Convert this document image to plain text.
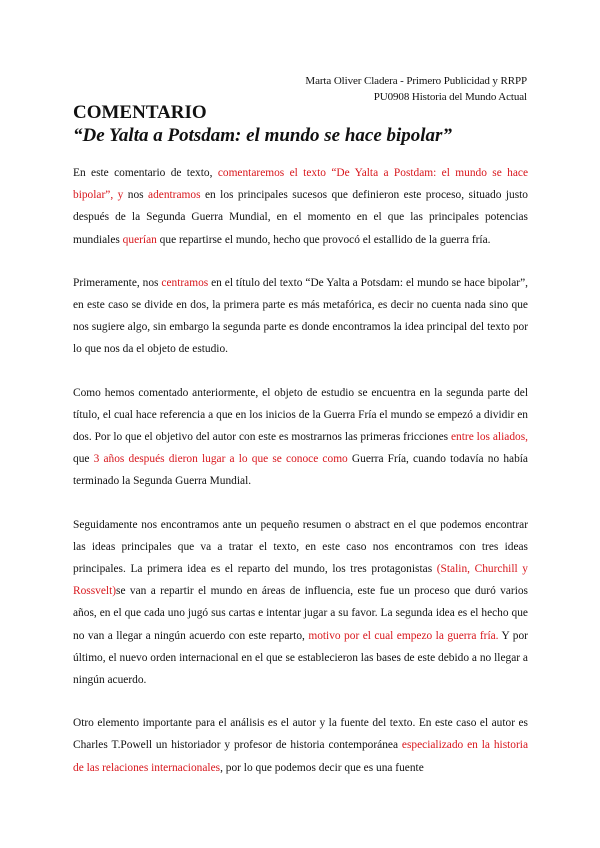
Marta Oliver Cladera - Primero Publicidad y RRPP
PU0908 Historia del Mundo Actual
COMENTARIO
“De Yalta a Potsdam: el mundo se hace bipolar”

En este comentario de texto, comentaremos el texto “De Yalta a Postdam: el mundo se hace bipolar”, y nos adentramos en los principales sucesos que definieron este proceso, situado justo después de la Segunda Guerra Mundial, en el momento en el que las principales potencias mundiales querían que repartirse el mundo, hecho que provocó el estallido de la guerra fría.

Primeramente, nos centramos en el título del texto “De Yalta a Potsdam: el mundo se hace bipolar”, en este caso se divide en dos, la primera parte es más metafórica, es decir no cuenta nada sino que nos sugiere algo, sin embargo la segunda parte es donde encontramos la idea principal del texto por lo que nos da el objeto de estudio.

Como hemos comentado anteriormente, el objeto de estudio se encuentra en la segunda parte del título, el cual hace referencia a que en los inicios de la Guerra Fría el mundo se empezó a dividir en dos. Por lo que el objetivo del autor con este es mostrarnos las primeras fricciones entre los aliados, que 3 años después dieron lugar a lo que se conoce como Guerra Fría, cuando todavía no había terminado la Segunda Guerra Mundial.

Seguidamente nos encontramos ante un pequeño resumen o abstract en el que podemos encontrar las ideas principales que va a tratar el texto, en este caso nos encontramos con tres ideas principales. La primera idea es el reparto del mundo, los tres protagonistas (Stalin, Churchill y Rossvelt)se van a repartir el mundo en áreas de influencia, este fue un proceso que duró varios años, en el que cada uno jugó sus cartas e intentar jugar a su favor. La segunda idea es el hecho que no van a llegar a ningún acuerdo con este reparto, motivo por el cual empezo la guerra fría. Y por último, el nuevo orden internacional en el que se establecieron las bases de este debido a no llegar a ningún acuerdo.

Otro elemento importante para el análisis es el autor y la fuente del texto. En este caso el autor es Charles T.Powell un historiador y profesor de historia contemporánea especializado en la historia de las relaciones internacionales, por lo que podemos decir que es una fuente
